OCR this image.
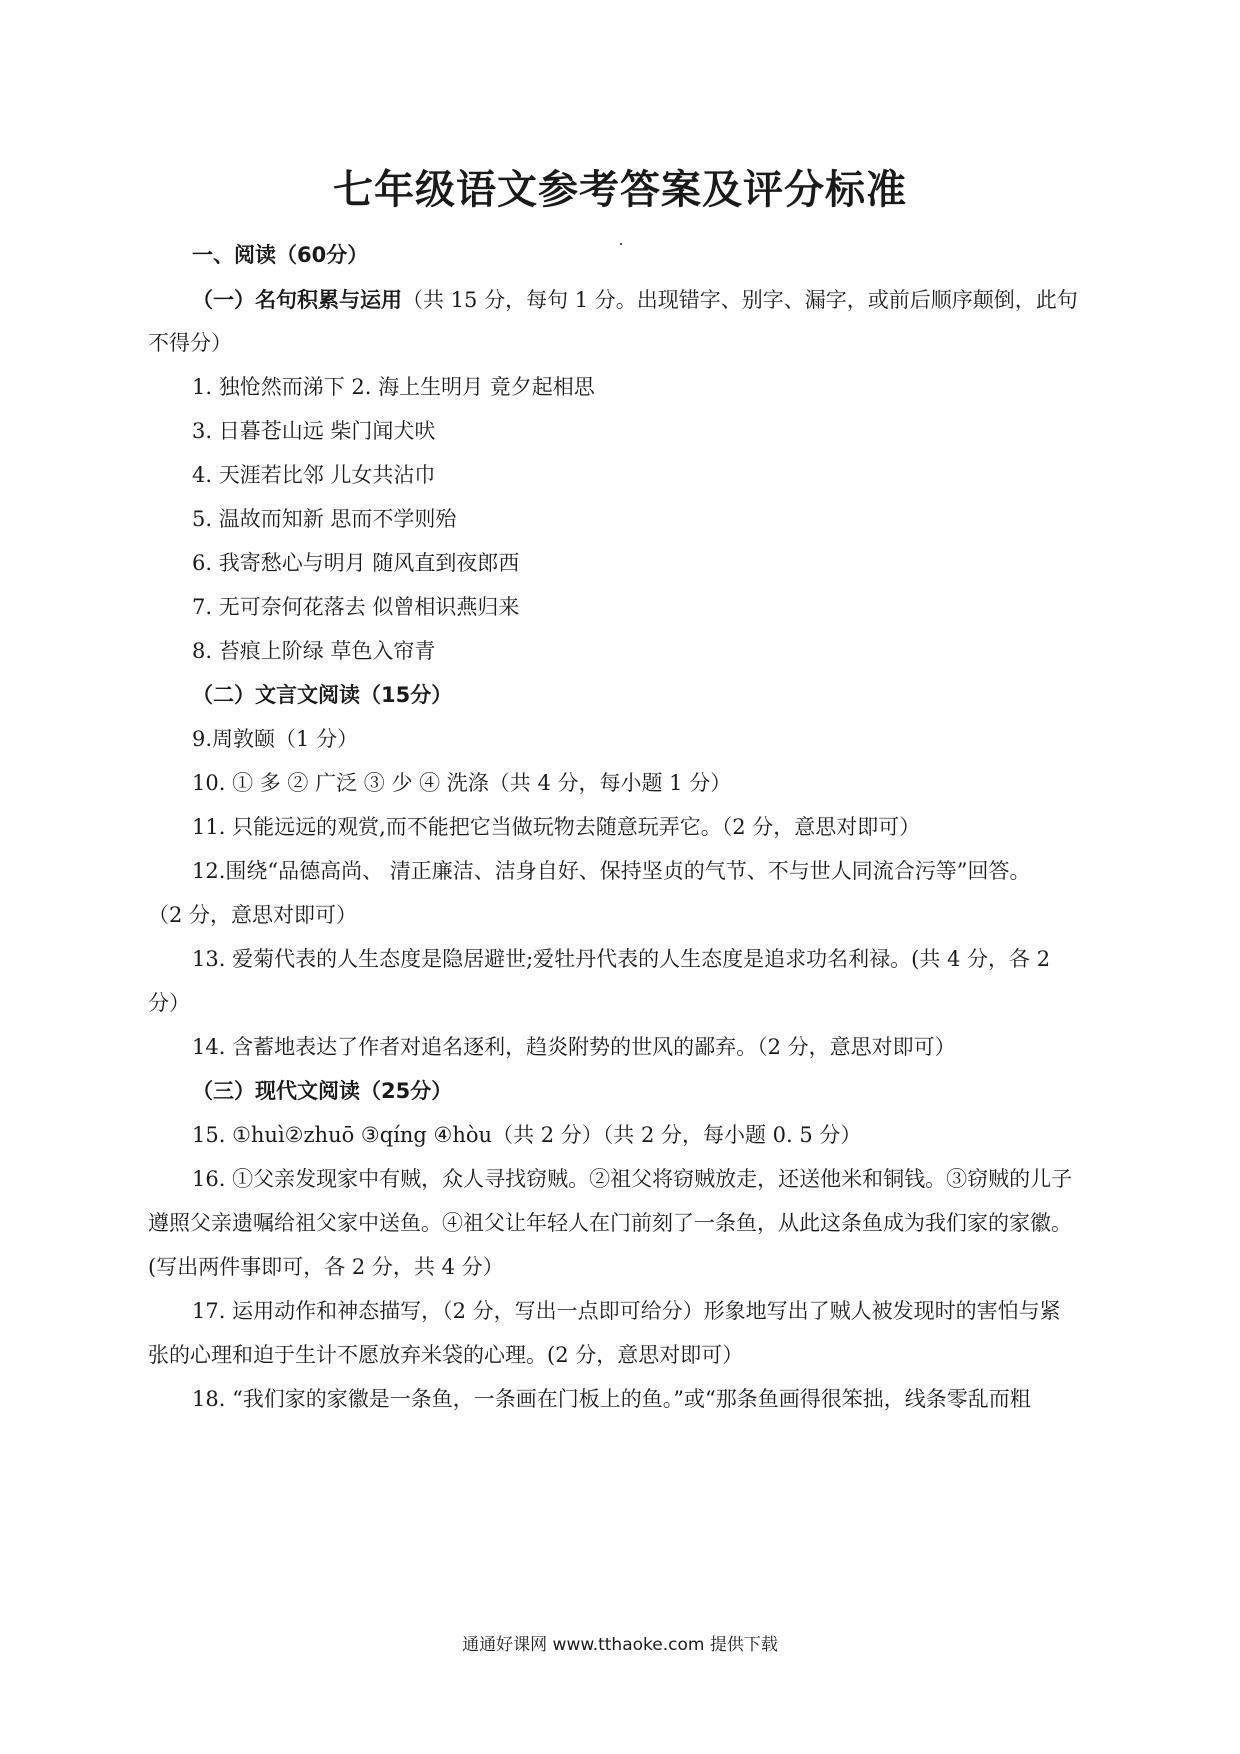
七年级语文参考答案及评分标准
一、阅读（60分）
（一）名句积累与运用（共 15 分，每句 1 分。出现错字、别字、漏字，或前后顺序颠倒，此句
不得分）
1. 独怆然而涕下 2. 海上生明月 竟夕起相思
3. 日暮苍山远 柴门闻犬吠
4. 天涯若比邻 儿女共沾巾
5. 温故而知新 思而不学则殆
6. 我寄愁心与明月 随风直到夜郎西
7. 无可奈何花落去 似曾相识燕归来
8. 苔痕上阶绿 草色入帘青
（二）文言文阅读（15分）
9.周敦颐（1 分）
10. ① 多 ② 广泛 ③ 少 ④ 洗涤（共 4 分，每小题 1 分）
11. 只能远远的观赏,而不能把它当做玩物去随意玩弄它。（2 分，意思对即可）
12.围绕“品德高尚、 清正廉洁、洁身自好、保持坚贞的气节、不与世人同流合污等”回答。
（2 分，意思对即可）
13. 爱菊代表的人生态度是隐居避世;爱牡丹代表的人生态度是追求功名利禄。(共 4 分，各 2
分）
14. 含蓄地表达了作者对追名逐利，趋炎附势的世风的鄙弃。（2 分，意思对即可）
（三）现代文阅读（25分）
15. ①huì②zhuō ③qíng ④hòu（共 2 分）（共 2 分，每小题 0. 5 分）
16. ①父亲发现家中有贼，众人寻找窃贼。②祖父将窃贼放走，还送他米和铜钱。③窃贼的儿子
遵照父亲遗嘱给祖父家中送鱼。④祖父让年轻人在门前刻了一条鱼，从此这条鱼成为我们家的家徽。
(写出两件事即可，各 2 分，共 4 分）
17. 运用动作和神态描写，（2 分，写出一点即可给分）形象地写出了贼人被发现时的害怕与紧
张的心理和迫于生计不愿放弃米袋的心理。(2 分，意思对即可）
18. “我们家的家徽是一条鱼，一条画在门板上的鱼。”或“那条鱼画得很笨拙，线条零乱而粗
通通好课网 www.tthaoke.com 提供下载
